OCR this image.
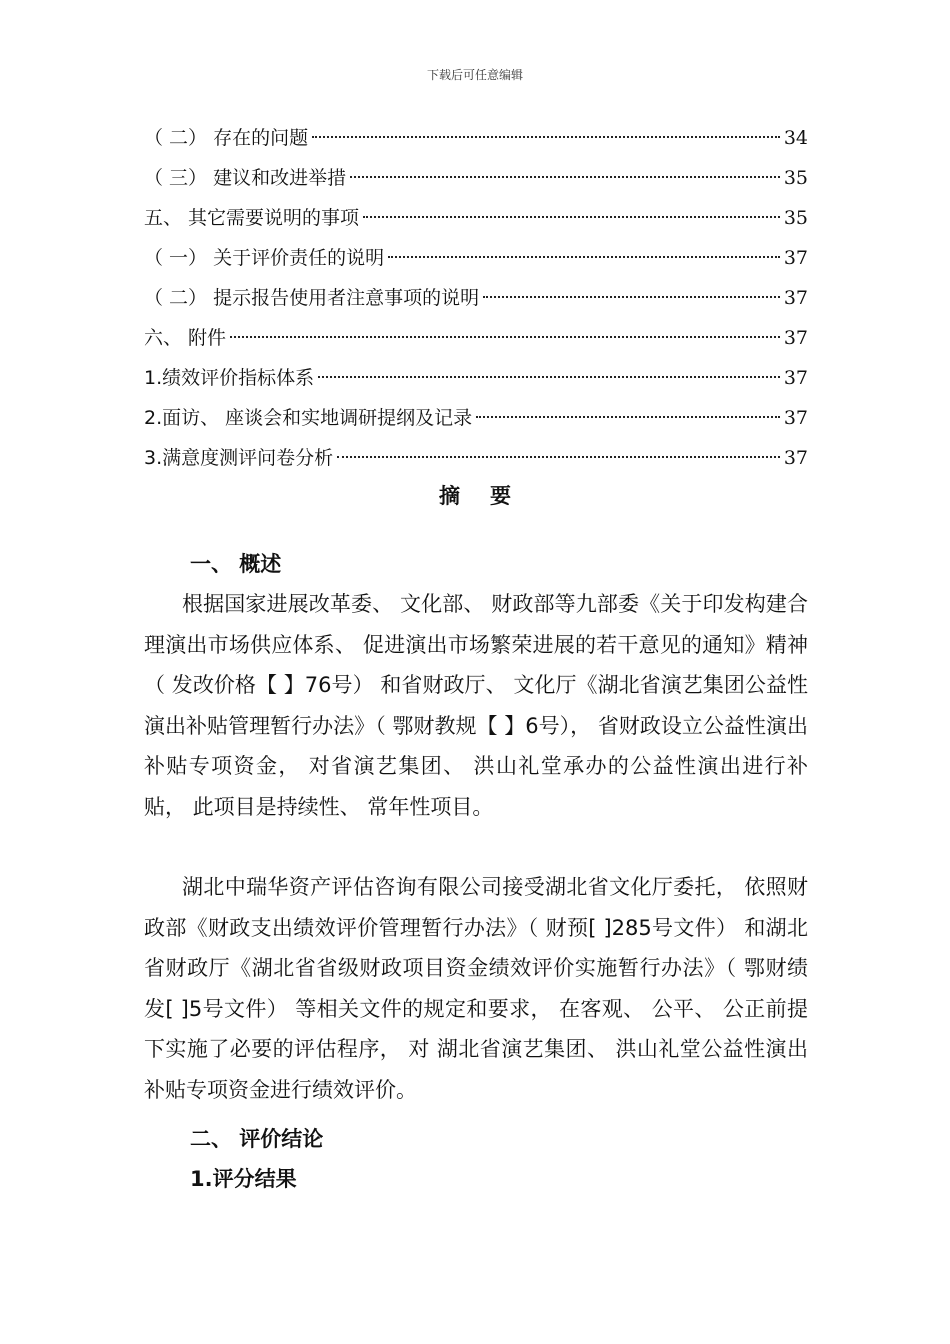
下载后可任意编辑
（ 二） 存在的问题	34
（ 三） 建议和改进举措	35
五、 其它需要说明的事项	35
（ 一） 关于评价责任的说明	37
（ 二） 提示报告使用者注意事项的说明	37
六、 附件	37
1.绩效评价指标体系	37
2.面访、 座谈会和实地调研提纲及记录	37
3.满意度测评问卷分析	37
摘要
一、 概述
根据国家进展改革委、 文化部、 财政部等九部委《关于印发构建合理演出市场供应体系、 促进演出市场繁荣进展的若干意见的通知》精神（ 发改价格【 】76号） 和省财政厅、 文化厅《湖北省演艺集团公益性演出补贴管理暂行办法》（ 鄂财教规【 】6号）， 省财政设立公益性演出补贴专项资金， 对省演艺集团、 洪山礼堂承办的公益性演出进行补贴， 此项目是持续性、 常年性项目。
湖北中瑞华资产评估咨询有限公司接受湖北省文化厅委托， 依照财政部《财政支出绩效评价管理暂行办法》（ 财预[ ]285号文件） 和湖北省财政厅《湖北省省级财政项目资金绩效评价实施暂行办法》（ 鄂财绩发[ ]5号文件） 等相关文件的规定和要求， 在客观、 公平、 公正前提下实施了必要的评估程序， 对 湖北省演艺集团、 洪山礼堂公益性演出补贴专项资金进行绩效评价。
二、 评价结论
1.评分结果
